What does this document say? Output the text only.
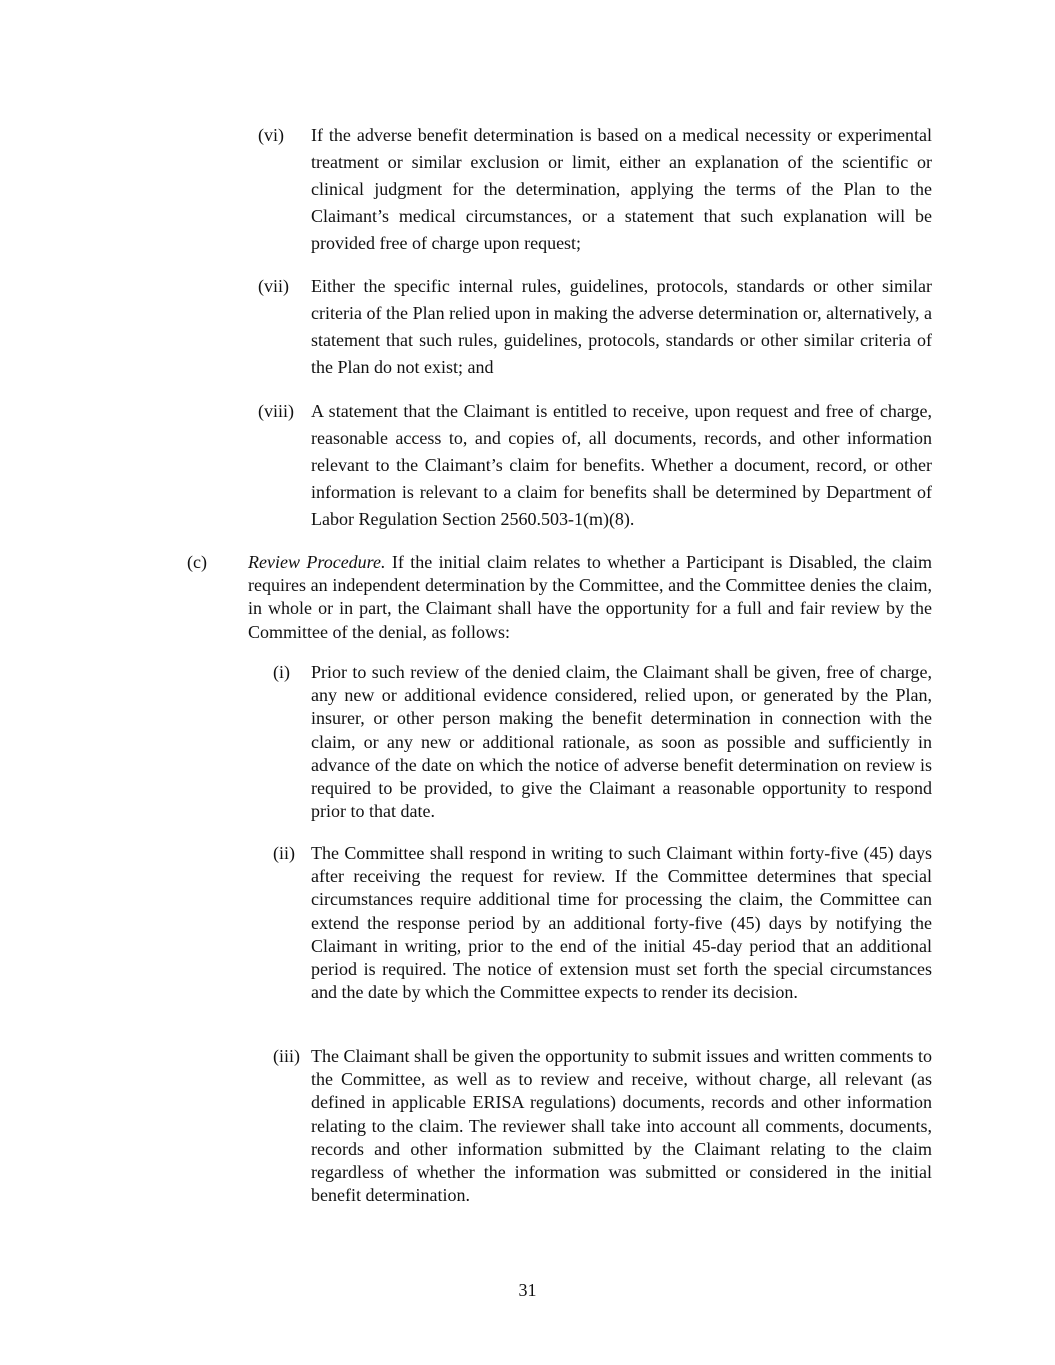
(vi) If the adverse benefit determination is based on a medical necessity or experimental treatment or similar exclusion or limit, either an explanation of the scientific or clinical judgment for the determination, applying the terms of the Plan to the Claimant’s medical circumstances, or a statement that such explanation will be provided free of charge upon request;
(vii) Either the specific internal rules, guidelines, protocols, standards or other similar criteria of the Plan relied upon in making the adverse determination or, alternatively, a statement that such rules, guidelines, protocols, standards or other similar criteria of the Plan do not exist; and
(viii) A statement that the Claimant is entitled to receive, upon request and free of charge, reasonable access to, and copies of, all documents, records, and other information relevant to the Claimant’s claim for benefits. Whether a document, record, or other information is relevant to a claim for benefits shall be determined by Department of Labor Regulation Section 2560.503-1(m)(8).
(c) Review Procedure. If the initial claim relates to whether a Participant is Disabled, the claim requires an independent determination by the Committee, and the Committee denies the claim, in whole or in part, the Claimant shall have the opportunity for a full and fair review by the Committee of the denial, as follows:
(i) Prior to such review of the denied claim, the Claimant shall be given, free of charge, any new or additional evidence considered, relied upon, or generated by the Plan, insurer, or other person making the benefit determination in connection with the claim, or any new or additional rationale, as soon as possible and sufficiently in advance of the date on which the notice of adverse benefit determination on review is required to be provided, to give the Claimant a reasonable opportunity to respond prior to that date.
(ii) The Committee shall respond in writing to such Claimant within forty-five (45) days after receiving the request for review. If the Committee determines that special circumstances require additional time for processing the claim, the Committee can extend the response period by an additional forty-five (45) days by notifying the Claimant in writing, prior to the end of the initial 45-day period that an additional period is required. The notice of extension must set forth the special circumstances and the date by which the Committee expects to render its decision.
(iii) The Claimant shall be given the opportunity to submit issues and written comments to the Committee, as well as to review and receive, without charge, all relevant (as defined in applicable ERISA regulations) documents, records and other information relating to the claim. The reviewer shall take into account all comments, documents, records and other information submitted by the Claimant relating to the claim regardless of whether the information was submitted or considered in the initial benefit determination.
31
